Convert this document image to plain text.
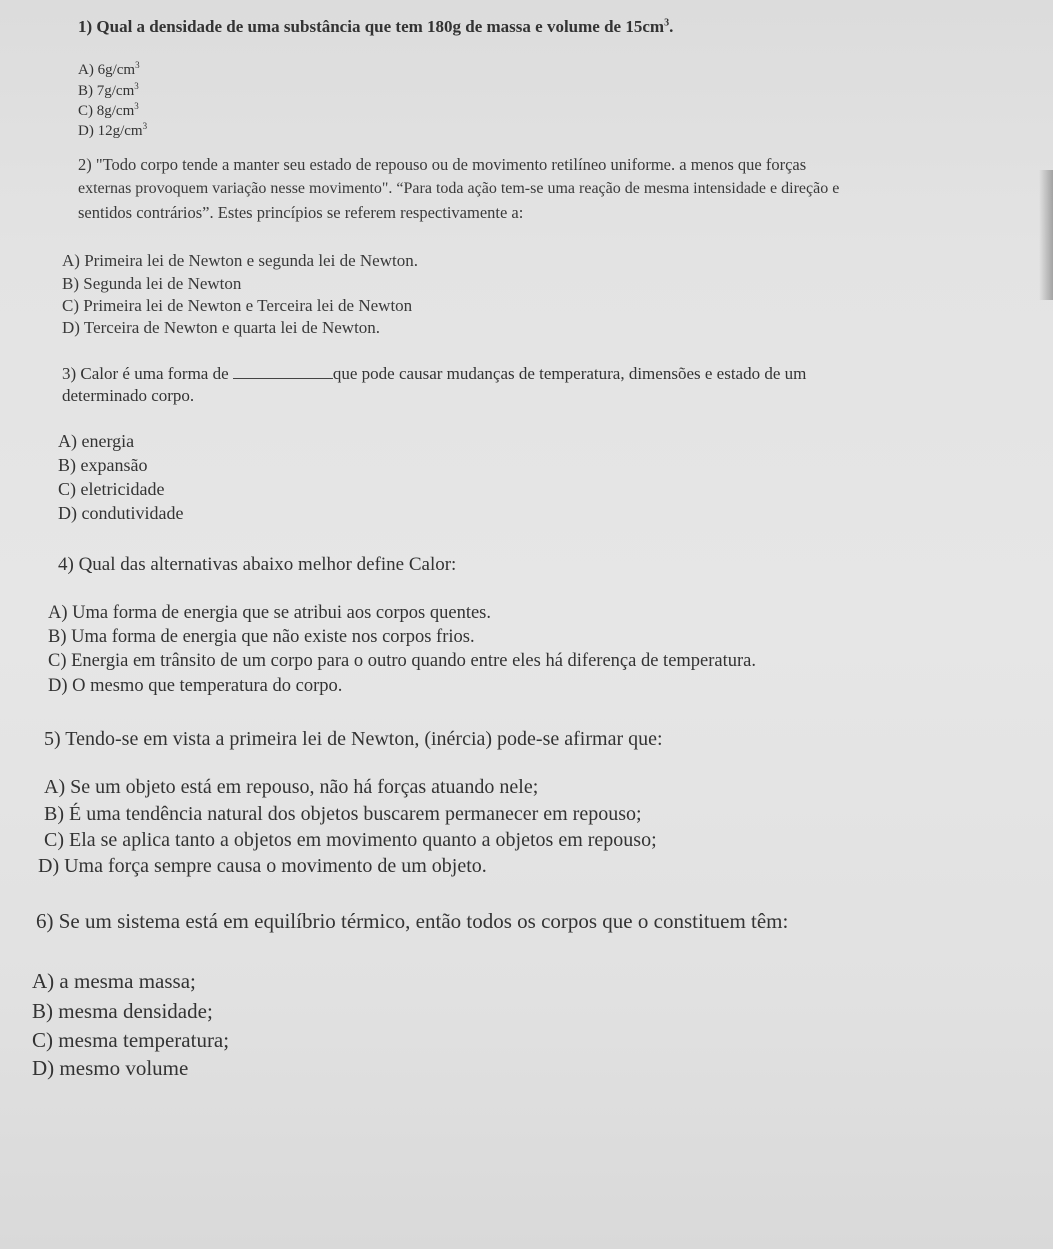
1) Qual a densidade de uma substância que tem 180g de massa e volume de $15cm^3$.
A) $6g/cm^3$
B) $7g/cm^3$
C) $8g/cm^3$
D) $12g/cm^3$
2) "Todo corpo tende a manter seu estado de repouso ou de movimento retilíneo uniforme. a menos que forças
externas provoquem variação nesse movimento". “Para toda ação tem-se uma reação de mesma intensidade e direção e
sentidos contrários”. Estes princípios se referem respectivamente a:
A) Primeira lei de Newton e segunda lei de Newton.
B) Segunda lei de Newton
C) Primeira lei de Newton e Terceira lei de Newton
D) Terceira de Newton e quarta lei de Newton.
3) Calor é uma forma de	que pode causar mudanças de temperatura, dimensões e estado de um
determinado corpo.
A) energia
B) expansão
C) eletricidade
D) condutividade
4) Qual das alternativas abaixo melhor define Calor:
A) Uma forma de energia que se atribui aos corpos quentes.
B) Uma forma de energia que não existe nos corpos frios.
C) Energia em trânsito de um corpo para o outro quando entre eles há diferença de temperatura.
D) O mesmo que temperatura do corpo.
5) Tendo-se em vista a primeira lei de Newton, (inércia) pode-se afirmar que:
A) Se um objeto está em repouso, não há forças atuando nele;
B) É uma tendência natural dos objetos buscarem permanecer em repouso;
C) Ela se aplica tanto a objetos em movimento quanto a objetos em repouso;
D) Uma força sempre causa o movimento de um objeto.
6) Se um sistema está em equilíbrio térmico, então todos os corpos que o constituem têm:
A) a mesma massa;
B) mesma densidade;
C) mesma temperatura;
D) mesmo volume
